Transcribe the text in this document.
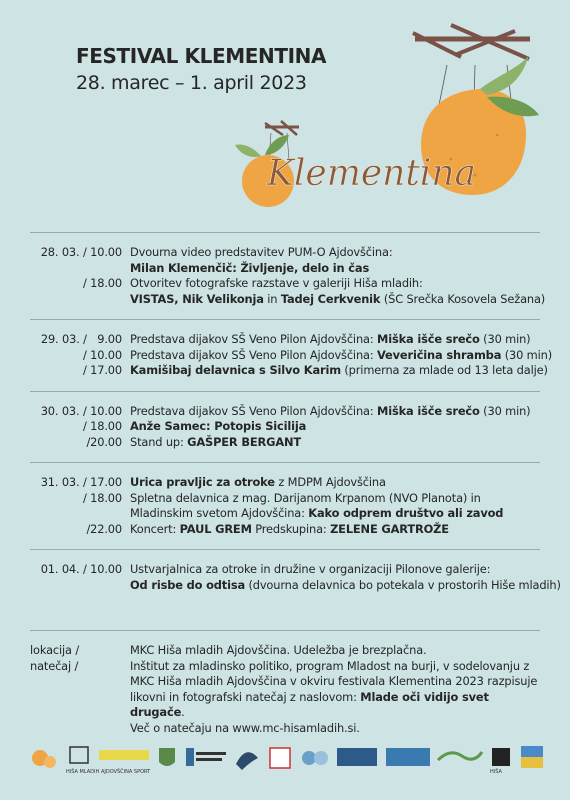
FESTIVAL KLEMENTINA
28. marec – 1. april 2023
Klementina
28. 03. / 10.00 Dvourna video predstavitev PUM-O Ajdovščina:
Milan Klemenčič: Življenje, delo in čas
/ 18.00 Otvoritev fotografske razstave v galeriji Hiša mladih:
VISTAS, Nik Velikonja in Tadej Cerkvenik (ŠC Srečka Kosovela Sežana)
29. 03. /   9.00 Predstava dijakov SŠ Veno Pilon Ajdovščina: Miška išče srečo (30 min)
/ 10.00 Predstava dijakov SŠ Veno Pilon Ajdovščina: Veveričina shramba (30 min)
/ 17.00 Kamišibaj delavnica s Silvo Karim (primerna za mlade od 13 leta dalje)
30. 03. / 10.00 Predstava dijakov SŠ Veno Pilon Ajdovščina: Miška išče srečo (30 min)
/ 18.00 Anže Samec: Potopis Sicilija
/20.00 Stand up: GAŠPER BERGANT
31. 03. / 17.00 Urica pravljic za otroke z MDPM Ajdovščina
/ 18.00 Spletna delavnica z mag. Darijanom Krpanom (NVO Planota) in
Mladinskim svetom Ajdovščina: Kako odprem društvo ali zavod
/22.00 Koncert: PAUL GREM Predskupina: ZELENE GARTROŽE
01. 04. / 10.00 Ustvarjalnica za otroke in družine v organizaciji Pilonove galerije:
Od risbe do odtisa (dvourna delavnica bo potekala v prostorih Hiše mladih)
lokacija /	MKC Hiša mladih Ajdovščina. Udeležba je brezplačna.
natečaj /	Inštitut za mladinsko politiko, program Mladost na burji, v sodelovanju z MKC Hiša mladih Ajdovščina v okviru festivala Klementina 2023 razpisuje likovni in fotografski natečaj z naslovom: Mlade oči vidijo svet drugače.
Več o natečaju na www.mc-hisamladih.si.
HIŠA MLADIH AJDOVŠČINA SPORT	HIŠA
